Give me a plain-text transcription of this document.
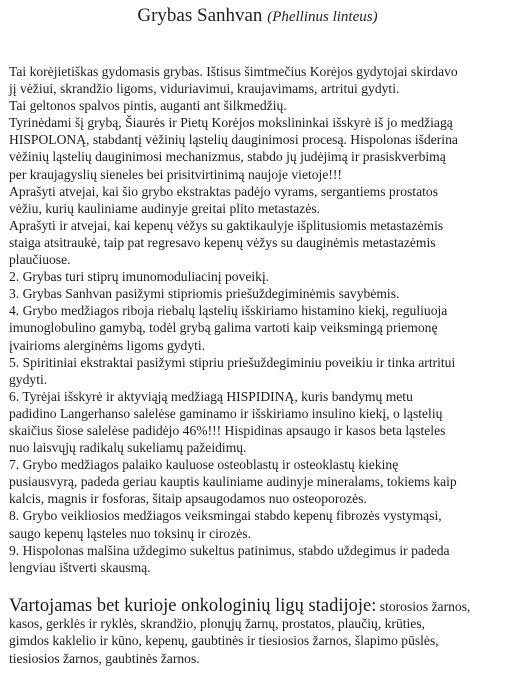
Grybas Sanhvan (Phellinus linteus)
Tai korėjietiškas gydomasis grybas. Ištisus šimtmečius Korėjos gydytojai skirdavo
jį vėžiui, skrandžio ligoms, viduriavimui, kraujavimams, artritui gydyti.
Tai geltonos spalvos pintis, auganti ant šilkmedžių.
Tyrinėdami šį grybą, Šiaurės ir Pietų Korėjos mokslininkai išskyrė iš jo medžiagą
HISPOLONĄ, stabdantį vėžinių ląstelių dauginimosi procesą. Hispolonas išderina
vėžinių ląstelių dauginimosi mechanizmus, stabdo jų judėjimą ir prasiskverbimą
per kraujagyslių sieneles bei prisitvirtinimą naujoje vietoje!!!
Aprašyti atvejai, kai šio grybo ekstraktas padėjo vyrams, sergantiems prostatos
vėžiu, kurių kauliniame audinyje greitai plito metastazės.
Aprašyti ir atvejai, kai kepenų vėžys su gaktikaulyje išplitusiomis metastazėmis
staiga atsitraukė, taip pat regresavo kepenų vėžys su dauginėmis metastazėmis
plaučiuose.
2. Grybas turi stiprų imunomoduliacinį poveikį.
3. Grybas Sanhvan pasižymi stipriomis priešuždegiminėmis savybėmis.
4. Grybo medžiagos riboja riebalų ląstelių išskiriamo histamino kiekį, reguliuoja
imunoglobulino gamybą, todėl grybą galima vartoti kaip veiksmingą priemonę
įvairioms alerginėms ligoms gydyti.
5. Spiritiniai ekstraktai pasižymi stipriu priešuždegiminiu poveikiu ir tinka artritui
gydyti.
6. Tyrėjai išskyrė ir aktyviąją medžiagą HISPIDINĄ, kuris bandymų metu
padidino Langerhanso salelėse gaminamo ir išskiriamo insulino kiekį, o ląstelių
skaičius šiose salelėse padidėjo 46%!!! Hispidinas apsaugo ir kasos beta ląsteles
nuo laisvųjų radikalų sukeliamų pažeidimų.
7. Grybo medžiagos palaiko kauluose osteoblastų ir osteoklastų kiekinę
pusiausvyrą, padeda geriau kauptis kauliniame audinyje mineralams, tokiems kaip
kalcis, magnis ir fosforas, šitaip apsaugodamos nuo osteoporozės.
8. Grybo veikliosios medžiagos veiksmingai stabdo kepenų fibrozės vystymąsi,
saugo kepenų ląsteles nuo toksinų ir cirozės.
9. Hispolonas malšina uždegimo sukeltus patinimus, stabdo uždegimus ir padeda
lengviau ištverti skausmą.
Vartojamas bet kurioje onkologinių ligų stadijoje: storosios žarnos,
kasos, gerklės ir ryklės, skrandžio, plonųjų žarnų, prostatos, plaučių, krūties,
gimdos kaklelio ir kūno, kepenų, gaubtinės ir tiesiosios žarnos, šlapimo pūslės,
tiesiosios žarnos, gaubtinės žarnos.
